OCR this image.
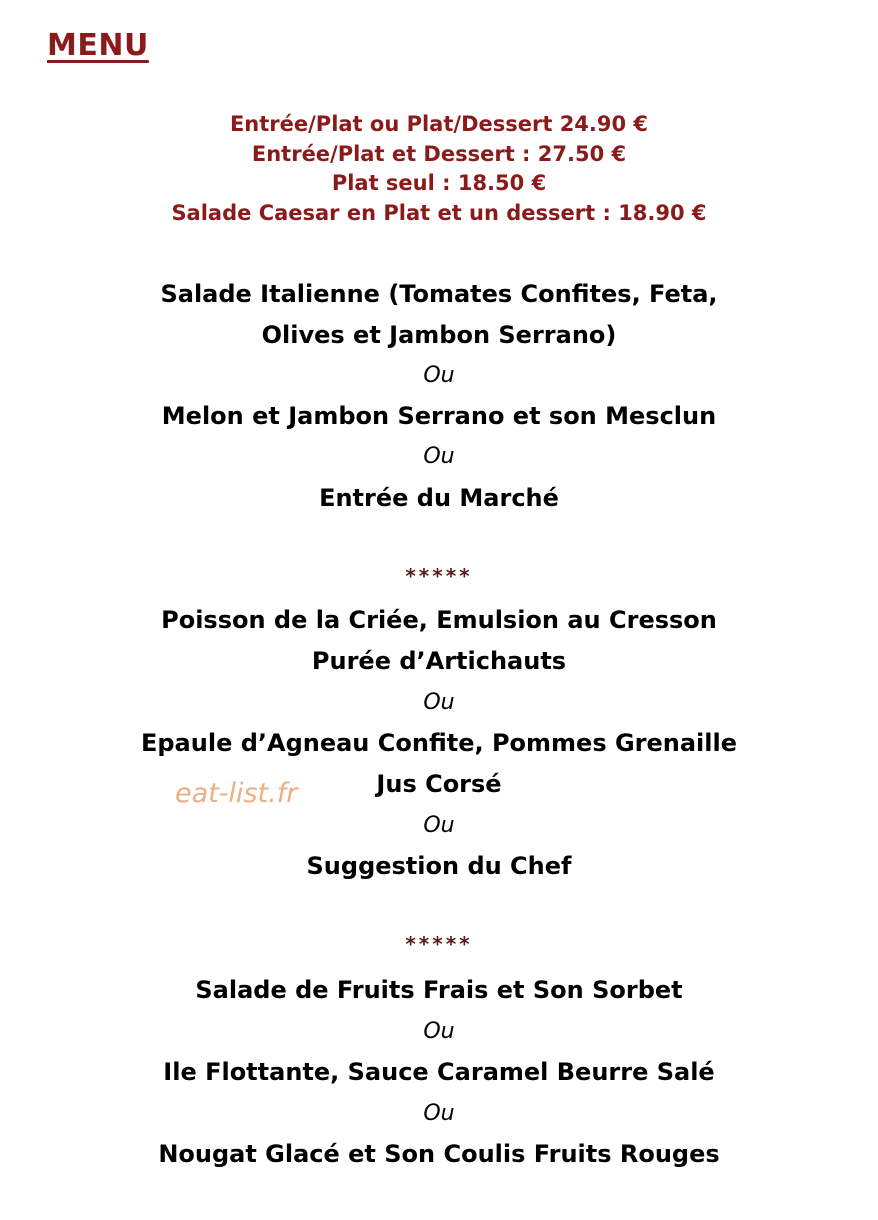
MENU
Entrée/Plat ou Plat/Dessert 24.90 €
Entrée/Plat et Dessert : 27.50 €
Plat seul : 18.50 €
Salade Caesar en Plat et un dessert : 18.90 €
Salade Italienne (Tomates Confites, Feta,
Olives et Jambon Serrano)
Ou
Melon et Jambon Serrano et son Mesclun
Ou
Entrée du Marché
*****
Poisson de la Criée, Emulsion au Cresson
Purée d’Artichauts
Ou
Epaule d’Agneau Confite, Pommes Grenaille
Jus Corsé
Ou
Suggestion du Chef
*****
Salade de Fruits Frais et Son Sorbet
Ou
Ile Flottante, Sauce Caramel Beurre Salé
Ou
Nougat Glacé et Son Coulis Fruits Rouges
eat-list.fr
